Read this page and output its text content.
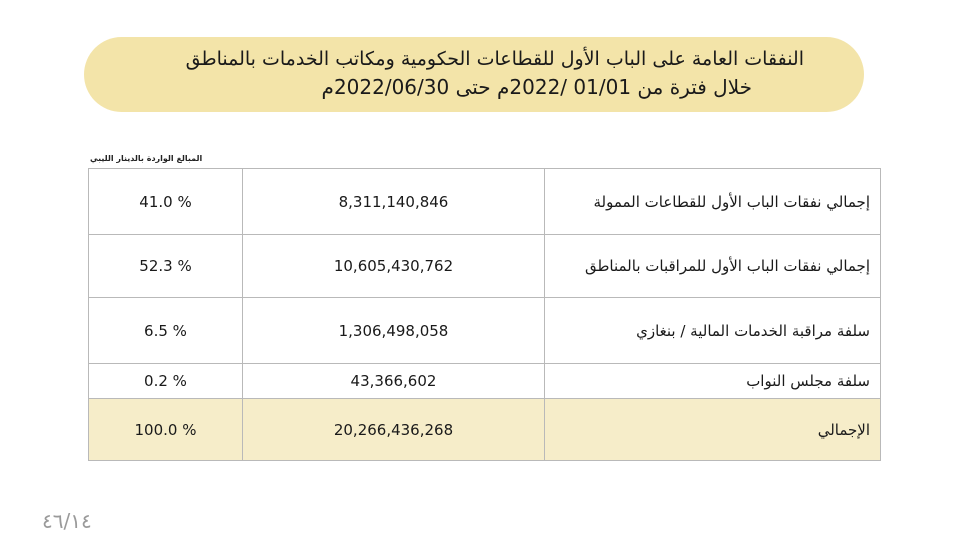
النفقات العامة على الباب الأول للقطاعات الحكومية ومكاتب الخدمات بالمناطق
خلال فترة من 01/01 /2022م حتى 2022/06/30م
المبالغ الواردة بالدينار الليبي
إجمالي نفقات الباب الأول للقطاعات الممولة	8,311,140,846	41.0 %
إجمالي نفقات الباب الأول للمراقبات بالمناطق	10,605,430,762	52.3 %
سلفة مراقبة الخدمات المالية / بنغازي	1,306,498,058	6.5 %
سلفة مجلس النواب	43,366,602	0.2 %
الإجمالي	20,266,436,268	100.0 %
٤٦/١٤
